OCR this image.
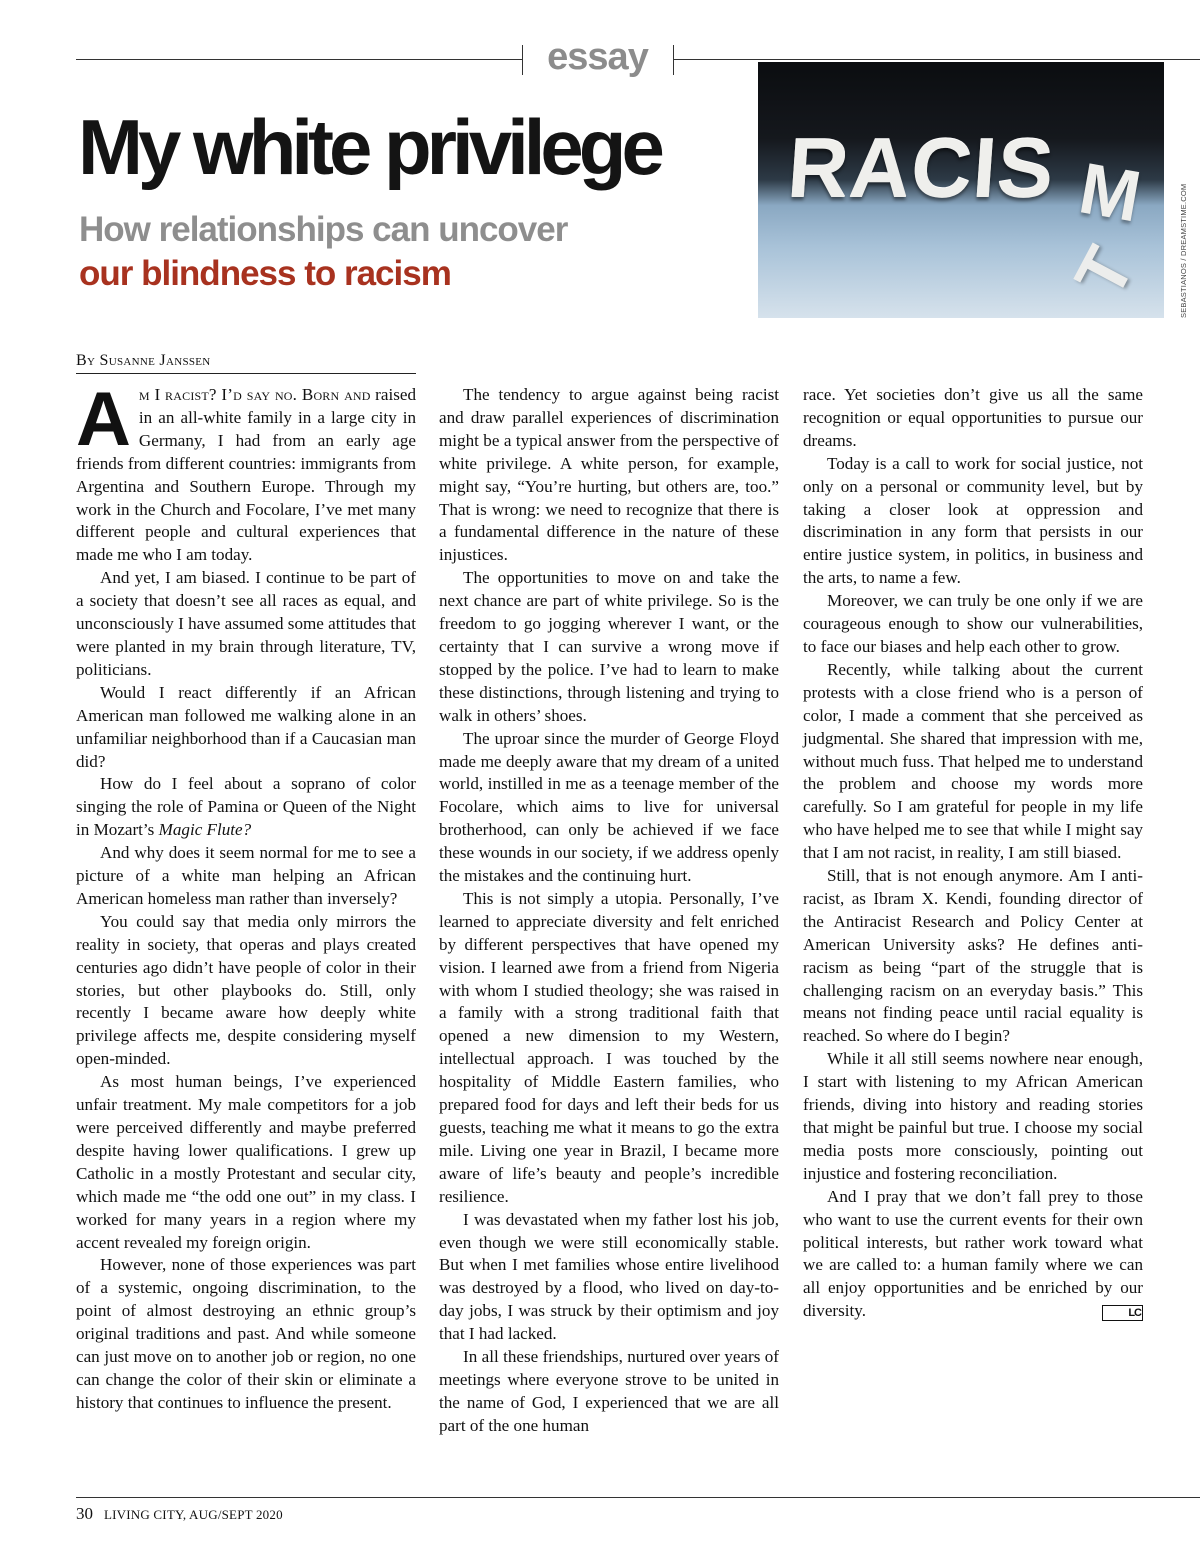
essay
My white privilege
How relationships can uncover
our blindness to racism
RACIS M
T	SEBASTIANOS / DREAMSTIME.COM
By Susanne Janssen

Am I racist? I’d say no. Born and raised in an all-white family in a large city in Germany, I had from an early age friends from different countries: immigrants from Argentina and Southern Europe. Through my work in the Church and Focolare, I’ve met many different people and cultural experiences that made me who I am today.

And yet, I am biased. I continue to be part of a society that doesn’t see all races as equal, and unconsciously I have assumed some attitudes that were planted in my brain through literature, TV, politicians.

Would I react differently if an African American man followed me walking alone in an unfamiliar neighborhood than if a Caucasian man did?

How do I feel about a soprano of color singing the role of Pamina or Queen of the Night in Mozart’s Magic Flute?

And why does it seem normal for me to see a picture of a white man helping an African American homeless man rather than inversely?

You could say that media only mirrors the reality in society, that operas and plays created centuries ago didn’t have people of color in their stories, but other playbooks do. Still, only recently I became aware how deeply white privilege affects me, despite considering myself open-minded.

As most human beings, I’ve experienced unfair treatment. My male competitors for a job were perceived differently and maybe preferred despite having lower qualifications. I grew up Catholic in a mostly Protestant and secular city, which made me “the odd one out” in my class. I worked for many years in a region where my accent revealed my foreign origin.

However, none of those experiences was part of a systemic, ongoing discrimination, to the point of almost destroying an ethnic group’s original traditions and past. And while someone can just move on to another job or region, no one can change the color of their skin or eliminate a history that continues to influence the present.

The tendency to argue against being racist and draw parallel experiences of discrimination might be a typical answer from the perspective of white privilege. A white person, for example, might say, “You’re hurting, but others are, too.” That is wrong: we need to recognize that there is a fundamental difference in the nature of these injustices.

The opportunities to move on and take the next chance are part of white privilege. So is the freedom to go jogging wherever I want, or the certainty that I can survive a wrong move if stopped by the police. I’ve had to learn to make these distinctions, through listening and trying to walk in others’ shoes.

The uproar since the murder of George Floyd made me deeply aware that my dream of a united world, instilled in me as a teenage member of the Focolare, which aims to live for universal brotherhood, can only be achieved if we face these wounds in our society, if we address openly the mistakes and the continuing hurt.

This is not simply a utopia. Personally, I’ve learned to appreciate diversity and felt enriched by different perspectives that have opened my vision. I learned awe from a friend from Nigeria with whom I studied theology; she was raised in a family with a strong traditional faith that opened a new dimension to my Western, intellectual approach. I was touched by the hospitality of Middle Eastern families, who prepared food for days and left their beds for us guests, teaching me what it means to go the extra mile. Living one year in Brazil, I became more aware of life’s beauty and people’s incredible resilience.

I was devastated when my father lost his job, even though we were still economically stable. But when I met families whose entire livelihood was destroyed by a flood, who lived on day-to-day jobs, I was struck by their optimism and joy that I had lacked.

In all these friendships, nurtured over years of meetings where everyone strove to be united in the name of God, I experienced that we are all part of the one human

race. Yet societies don’t give us all the same recognition or equal opportunities to pursue our dreams.

Today is a call to work for social justice, not only on a personal or community level, but by taking a closer look at oppression and discrimination in any form that persists in our entire justice system, in politics, in business and the arts, to name a few.

Moreover, we can truly be one only if we are courageous enough to show our vulnerabilities, to face our biases and help each other to grow.

Recently, while talking about the current protests with a close friend who is a person of color, I made a comment that she perceived as judgmental. She shared that impression with me, without much fuss. That helped me to understand the problem and choose my words more carefully. So I am grateful for people in my life who have helped me to see that while I might say that I am not racist, in reality, I am still biased.

Still, that is not enough anymore. Am I anti-racist, as Ibram X. Kendi, founding director of the Antiracist Research and Policy Center at American University asks? He defines anti-racism as being “part of the struggle that is challenging racism on an everyday basis.” This means not finding peace until racial equality is reached. So where do I begin?

While it all still seems nowhere near enough, I start with listening to my African American friends, diving into history and reading stories that might be painful but true. I choose my social media posts more consciously, pointing out injustice and fostering reconciliation.

And I pray that we don’t fall prey to those who want to use the current events for their own political interests, but rather work toward what we are called to: a human family where we can all enjoy opportunities and be enriched by our diversity.	LC

30 LIVING CITY, AUG/SEPT 2020
